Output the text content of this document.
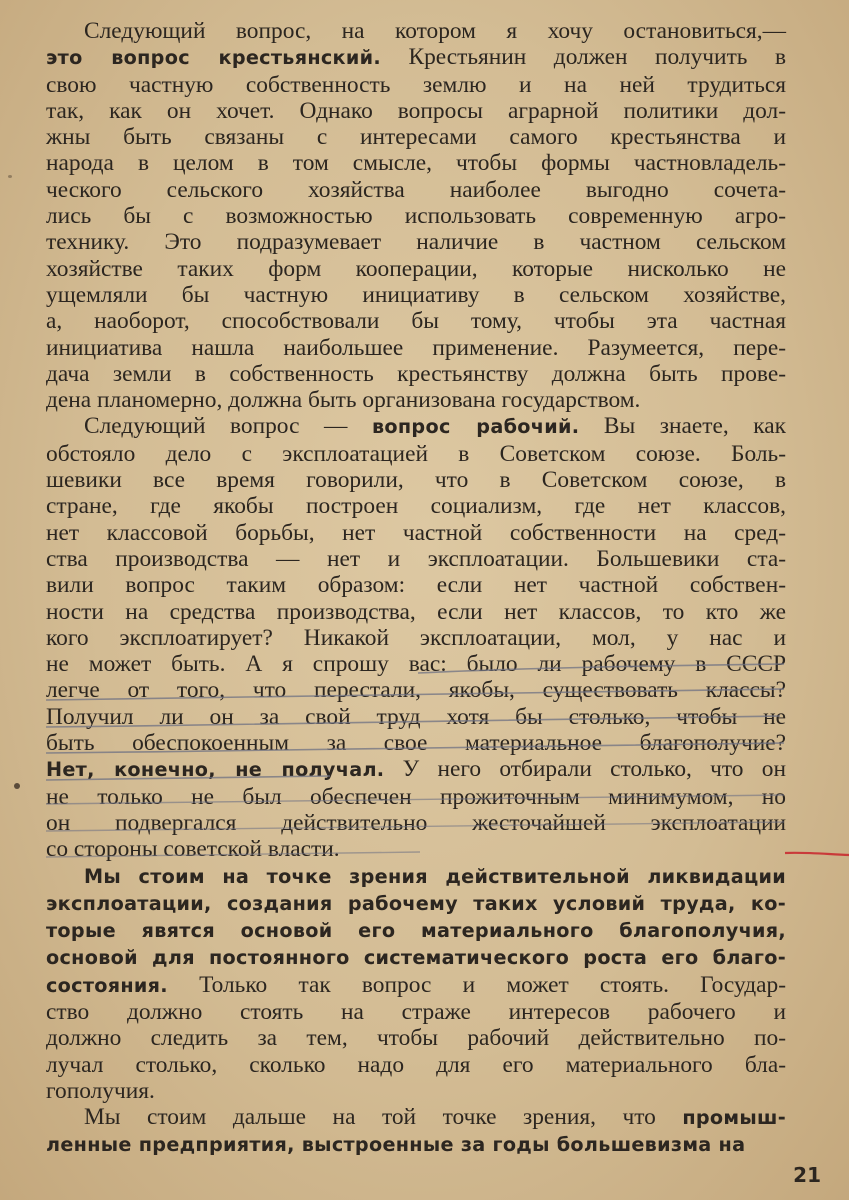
Следующий вопрос, на котором я хочу остановиться,—
это вопрос крестьянский. Крестьянин должен получить в
свою частную собственность землю и на ней трудиться
так, как он хочет. Однако вопросы аграрной политики дол-
жны быть связаны с интересами самого крестьянства и
народа в целом в том смысле, чтобы формы частновладель-
ческого сельского хозяйства наиболее выгодно сочета-
лись бы с возможностью использовать современную агро-
технику. Это подразумевает наличие в частном сельском
хозяйстве таких форм кооперации, которые нисколько не
ущемляли бы частную инициативу в сельском хозяйстве,
а, наоборот, способствовали бы тому, чтобы эта частная
инициатива нашла наибольшее применение. Разумеется, пере-
дача земли в собственность крестьянству должна быть прове-
дена планомерно, должна быть организована государством.

Следующий вопрос — вопрос рабочий. Вы знаете, как
обстояло дело с эксплоатацией в Советском союзе. Боль-
шевики все время говорили, что в Советском союзе, в
стране, где якобы построен социализм, где нет классов,
нет классовой борьбы, нет частной собственности на сред-
ства производства — нет и эксплоатации. Большевики ста-
вили вопрос таким образом: если нет частной собствен-
ности на средства производства, если нет классов, то кто же
кого эксплоатирует? Никакой эксплоатации, мол, у нас и
не может быть. А я спрошу вас: было ли рабочему в СССР
легче от того, что перестали, якобы, существовать классы?
Получил ли он за свой труд хотя бы столько, чтобы не
быть обеспокоенным за свое материальное благополучие?
Нет, конечно, не получал. У него отбирали столько, что он
не только не был обеспечен прожиточным минимумом, но
он подвергался действительно жесточайшей эксплоатации
со стороны советской власти.

Мы стоим на точке зрения действительной ликвидации
эксплоатации, создания рабочему таких условий труда, ко-
торые явятся основой его материального благополучия,
основой для постоянного систематического роста его благо-
состояния. Только так вопрос и может стоять. Государ-
ство должно стоять на страже интересов рабочего и
должно следить за тем, чтобы рабочий действительно по-
лучал столько, сколько надо для его материального бла-
гополучия.

Мы стоим дальше на той точке зрения, что промыш-
ленные предприятия, выстроенные за годы большевизма на

21
